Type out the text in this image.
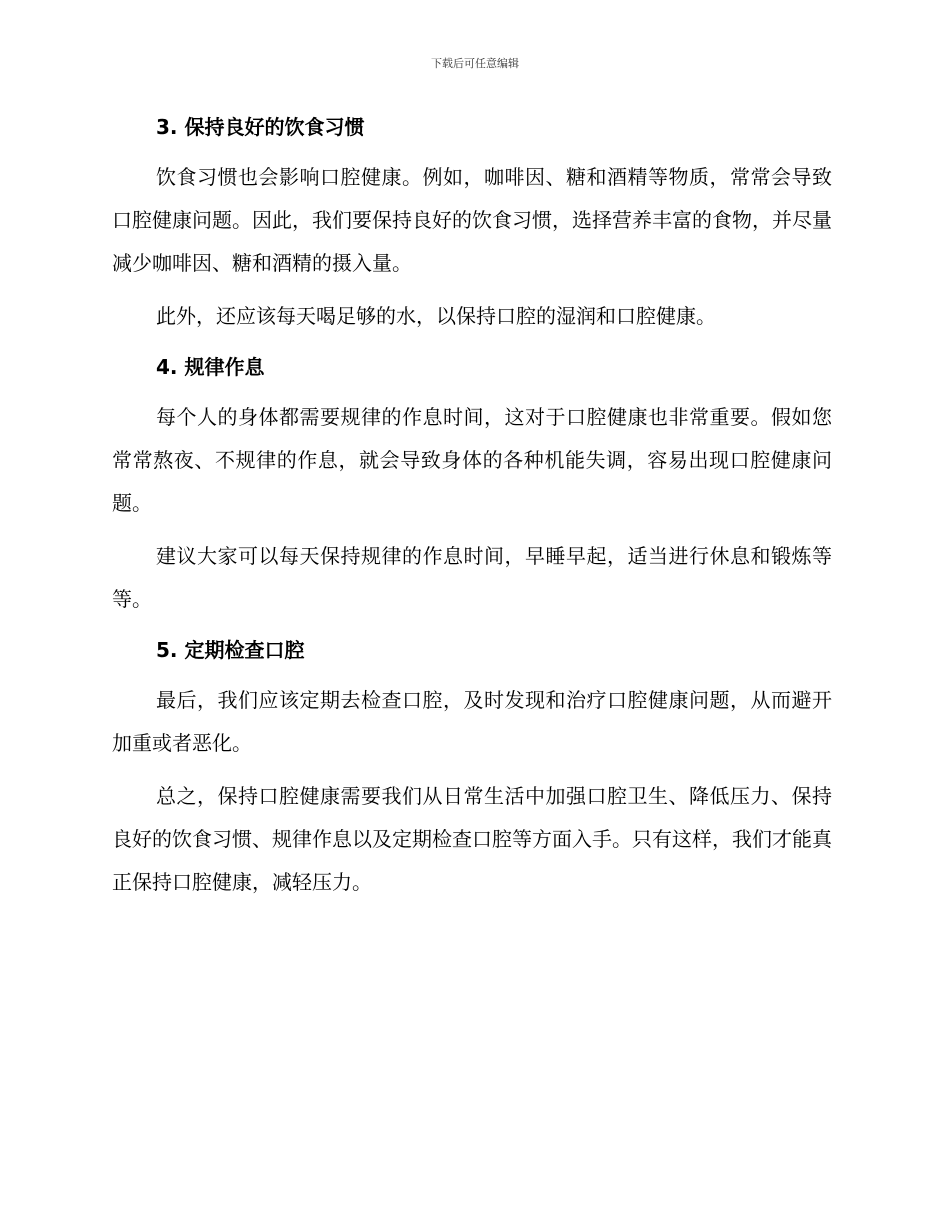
下载后可任意编辑
3. 保持良好的饮食习惯

饮食习惯也会影响口腔健康。例如，咖啡因、糖和酒精等物质，常常会导致口腔健康问题。因此，我们要保持良好的饮食习惯，选择营养丰富的食物，并尽量减少咖啡因、糖和酒精的摄入量。

此外，还应该每天喝足够的水，以保持口腔的湿润和口腔健康。

4. 规律作息

每个人的身体都需要规律的作息时间，这对于口腔健康也非常重要。假如您常常熬夜、不规律的作息，就会导致身体的各种机能失调，容易出现口腔健康问题。

建议大家可以每天保持规律的作息时间，早睡早起，适当进行休息和锻炼等等。

5. 定期检查口腔

最后，我们应该定期去检查口腔，及时发现和治疗口腔健康问题，从而避开加重或者恶化。

总之，保持口腔健康需要我们从日常生活中加强口腔卫生、降低压力、保持良好的饮食习惯、规律作息以及定期检查口腔等方面入手。只有这样，我们才能真正保持口腔健康，减轻压力。
